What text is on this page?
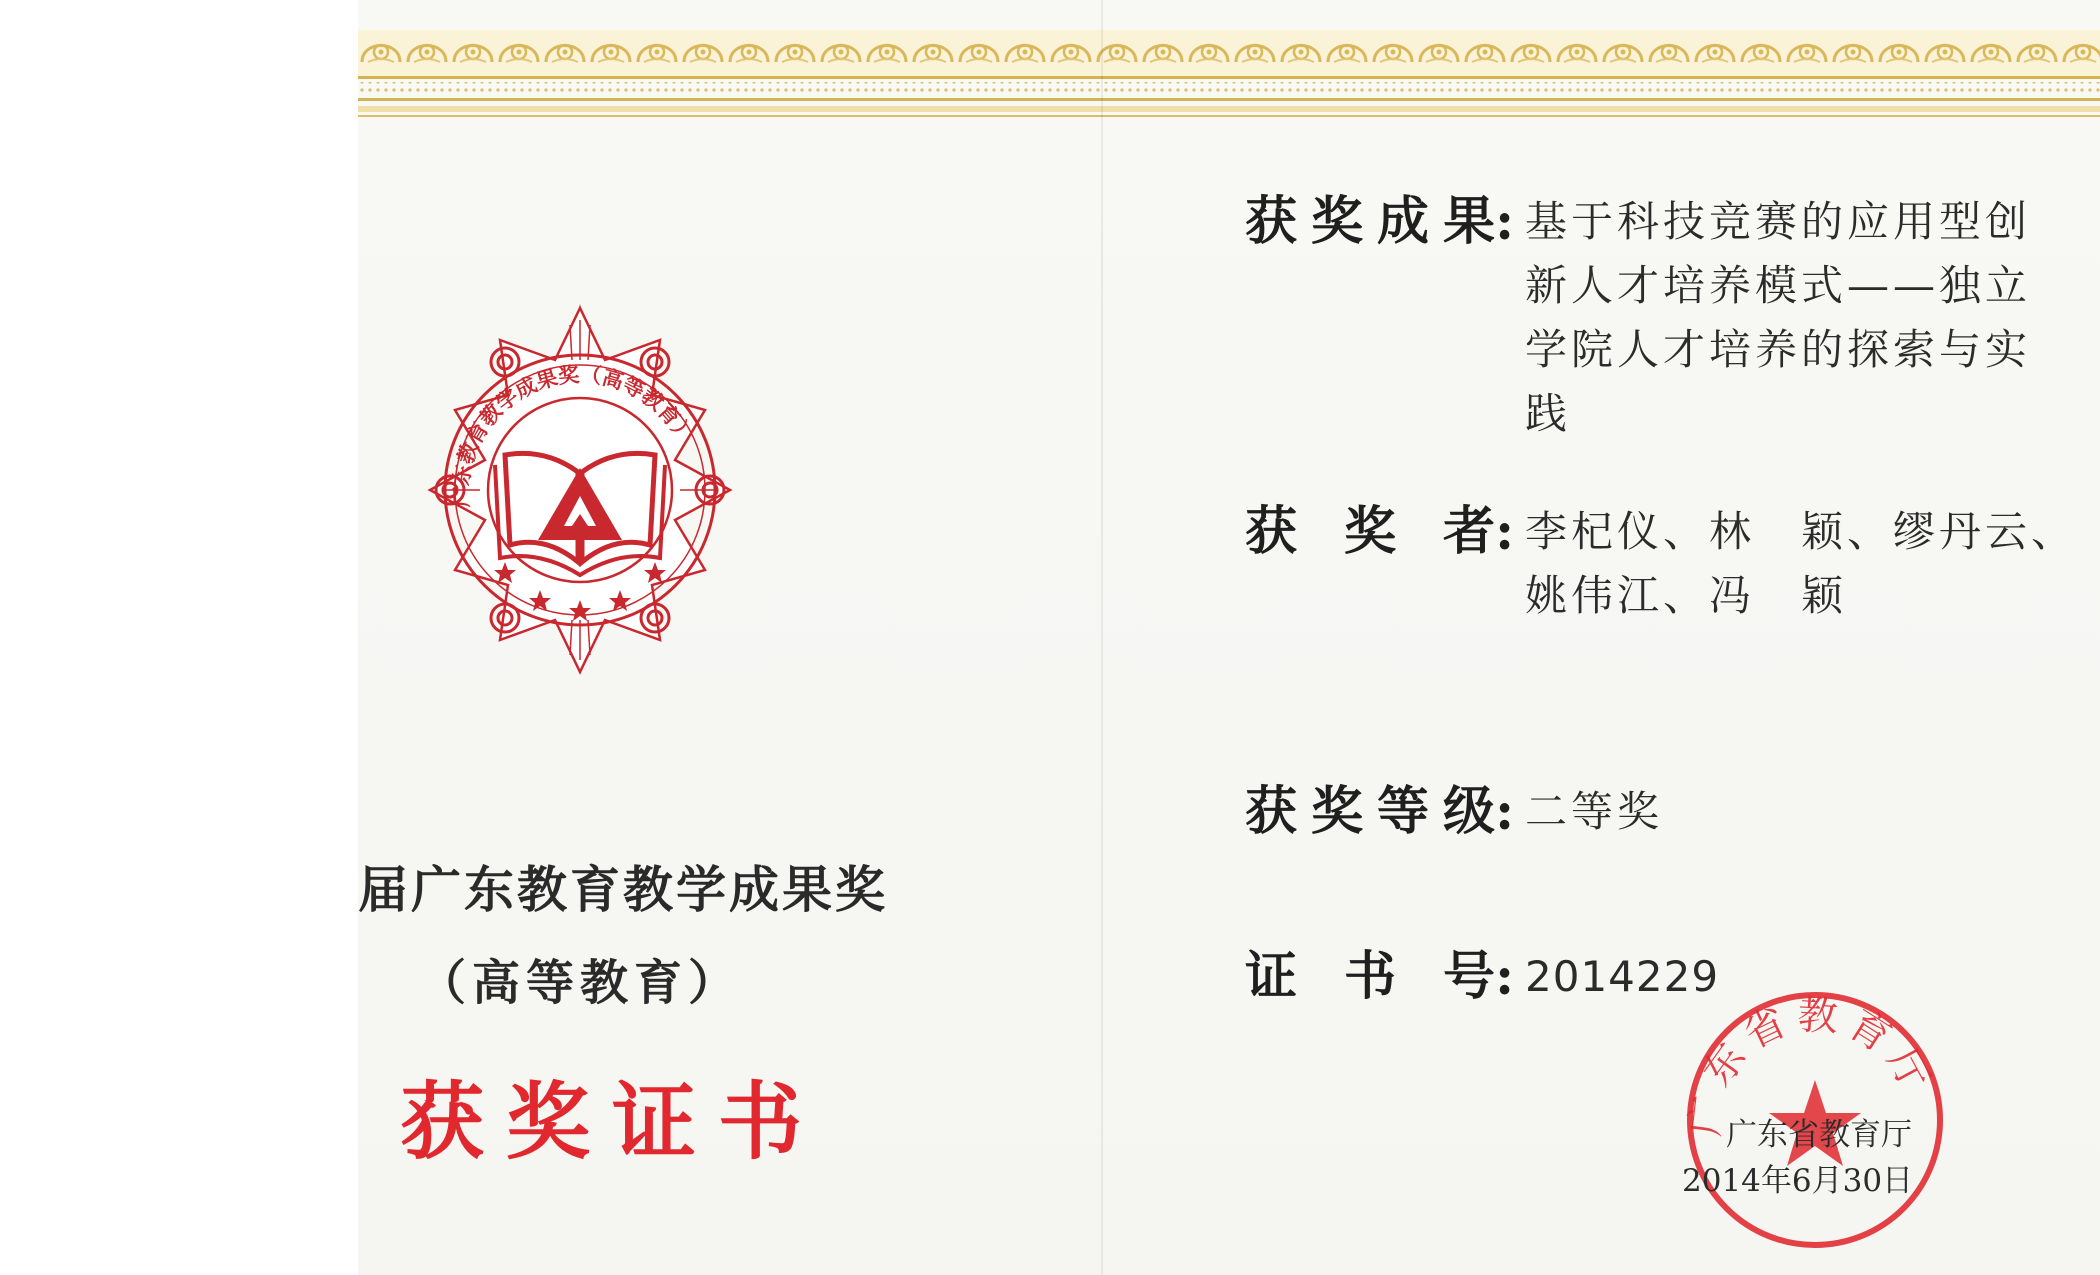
广东教育教学成果奖（高等教育）
届广东教育教学成果奖
（高等教育）
获奖证书
获奖成果 : 基于科技竞赛的应用型创新人才培养模式——独立学院人才培养的探索与实践
获奖者 : 李杞仪、林　颖、缪丹云、
姚伟江、冯　颖
获奖等级 : 二等奖
证书号 : 2014229
广东省教育厅
广东省教育厅
2014年6月30日
